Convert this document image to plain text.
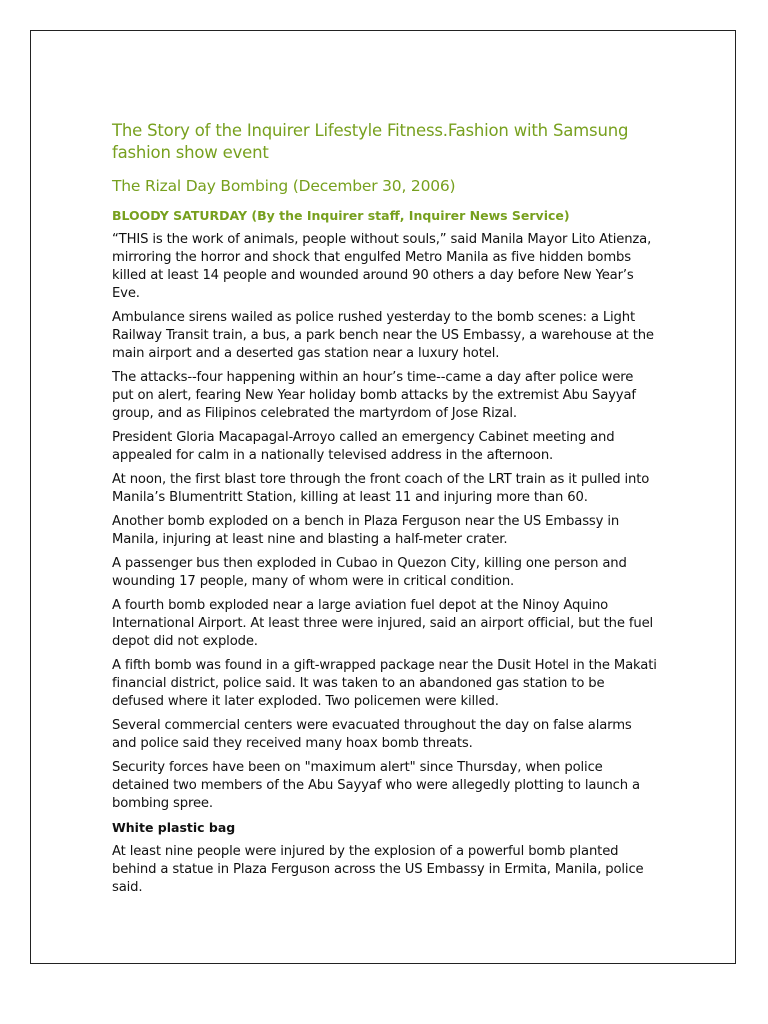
The Story of the Inquirer Lifestyle Fitness.Fashion with Samsung fashion show event
The Rizal Day Bombing (December 30, 2006)
BLOODY SATURDAY (By the Inquirer staff, Inquirer News Service)

“THIS is the work of animals, people without souls,” said Manila Mayor Lito Atienza, mirroring the horror and shock that engulfed Metro Manila as five hidden bombs killed at least 14 people and wounded around 90 others a day before New Year’s Eve.

Ambulance sirens wailed as police rushed yesterday to the bomb scenes: a Light Railway Transit train, a bus, a park bench near the US Embassy, a warehouse at the main airport and a deserted gas station near a luxury hotel.

The attacks--four happening within an hour’s time--came a day after police were put on alert, fearing New Year holiday bomb attacks by the extremist Abu Sayyaf group, and as Filipinos celebrated the martyrdom of Jose Rizal.

President Gloria Macapagal-Arroyo called an emergency Cabinet meeting and appealed for calm in a nationally televised address in the afternoon.

At noon, the first blast tore through the front coach of the LRT train as it pulled into Manila’s Blumentritt Station, killing at least 11 and injuring more than 60.

Another bomb exploded on a bench in Plaza Ferguson near the US Embassy in Manila, injuring at least nine and blasting a half-meter crater.

A passenger bus then exploded in Cubao in Quezon City, killing one person and wounding 17 people, many of whom were in critical condition.

A fourth bomb exploded near a large aviation fuel depot at the Ninoy Aquino International Airport. At least three were injured, said an airport official, but the fuel depot did not explode.

A fifth bomb was found in a gift-wrapped package near the Dusit Hotel in the Makati financial district, police said. It was taken to an abandoned gas station to be defused where it later exploded. Two policemen were killed.

Several commercial centers were evacuated throughout the day on false alarms and police said they received many hoax bomb threats.

Security forces have been on "maximum alert" since Thursday, when police detained two members of the Abu Sayyaf who were allegedly plotting to launch a bombing spree.

White plastic bag

At least nine people were injured by the explosion of a powerful bomb planted behind a statue in Plaza Ferguson across the US Embassy in Ermita, Manila, police said.
